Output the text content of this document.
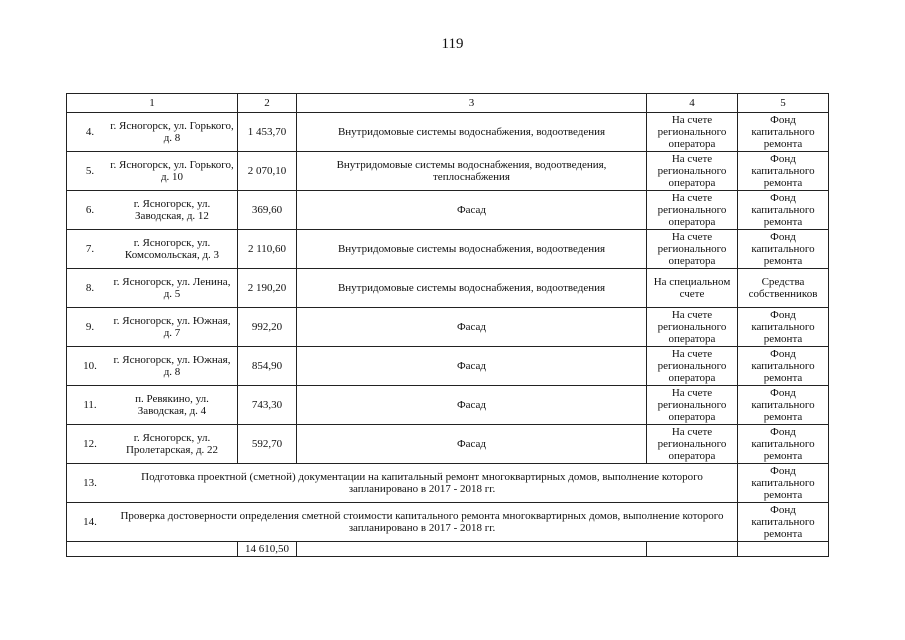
119
1	2	3	4	5

4. г. Ясногорск, ул. Горького, д. 8	1 453,70	Внутридомовые системы водоснабжения, водоотведения	На счете регионального оператора	Фонд капитального ремонта

5. г. Ясногорск, ул. Горького, д. 10	2 070,10	Внутридомовые системы водоснабжения, водоотведения, теплоснабжения	На счете регионального оператора	Фонд капитального ремонта

6. г. Ясногорск, ул. Заводская, д. 12	369,60	Фасад	На счете регионального оператора	Фонд капитального ремонта

7. г. Ясногорск, ул. Комсомольская, д. 3	2 110,60	Внутридомовые системы водоснабжения, водоотведения	На счете регионального оператора	Фонд капитального ремонта

8. г. Ясногорск, ул. Ленина, д. 5	2 190,20	Внутридомовые системы водоснабжения, водоотведения	На специальном счете	Средства собственников

9. г. Ясногорск, ул. Южная, д. 7	992,20	Фасад	На счете регионального оператора	Фонд капитального ремонта

10. г. Ясногорск, ул. Южная, д. 8	854,90	Фасад	На счете регионального оператора	Фонд капитального ремонта

11. п. Ревякино, ул. Заводская, д. 4	743,30	Фасад	На счете регионального оператора	Фонд капитального ремонта

12. г. Ясногорск, ул. Пролетарская, д. 22	592,70	Фасад	На счете регионального оператора	Фонд капитального ремонта

13. Подготовка проектной (сметной) документации на капитальный ремонт многоквартирных домов, выполнение которого запланировано в 2017 - 2018 гг.				Фонд капитального ремонта

14. Проверка достоверности определения сметной стоимости капитального ремонта многоквартирных домов, выполнение которого запланировано в 2017 - 2018 гг.				Фонд капитального ремонта
	14 610,50			
